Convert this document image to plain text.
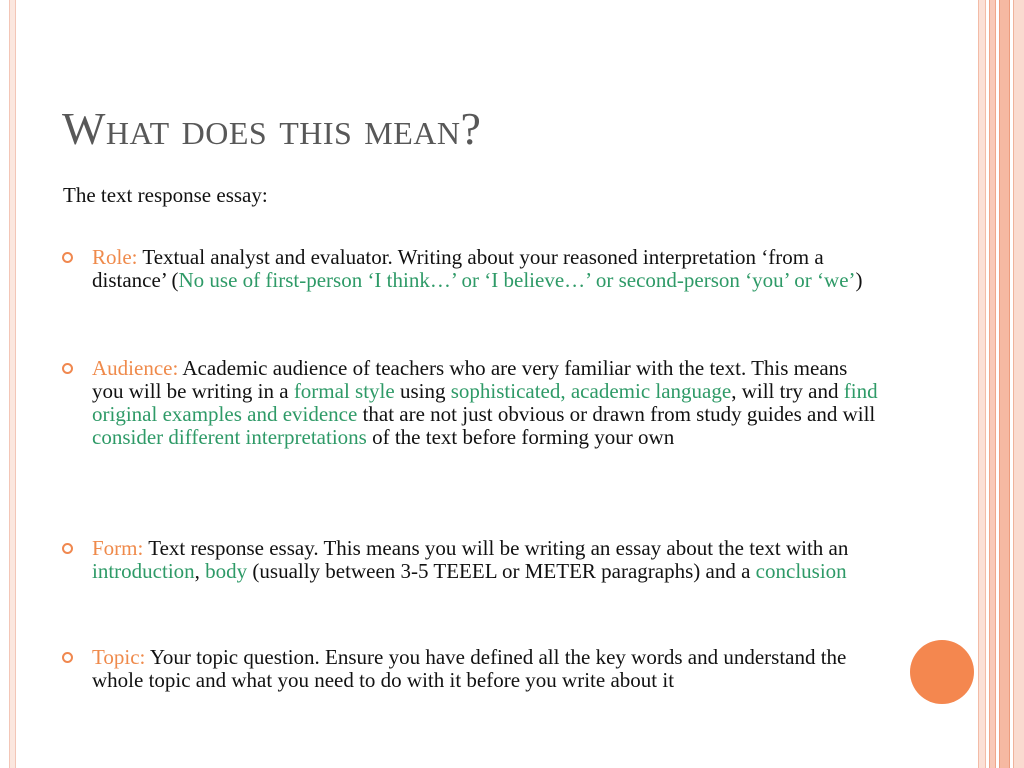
What does this mean?
The text response essay:
Role: Textual analyst and evaluator. Writing about your reasoned interpretation ‘from a distance’ (No use of first-person ‘I think…’ or ‘I believe…’ or second-person ‘you’ or ‘we’)
Audience: Academic audience of teachers who are very familiar with the text. This means you will be writing in a formal style using sophisticated, academic language, will try and find original examples and evidence that are not just obvious or drawn from study guides and will consider different interpretations of the text before forming your own
Form: Text response essay. This means you will be writing an essay about the text with an introduction, body (usually between 3-5 TEEEL or METER paragraphs) and a conclusion
Topic: Your topic question. Ensure you have defined all the key words and understand the whole topic and what you need to do with it before you write about it
